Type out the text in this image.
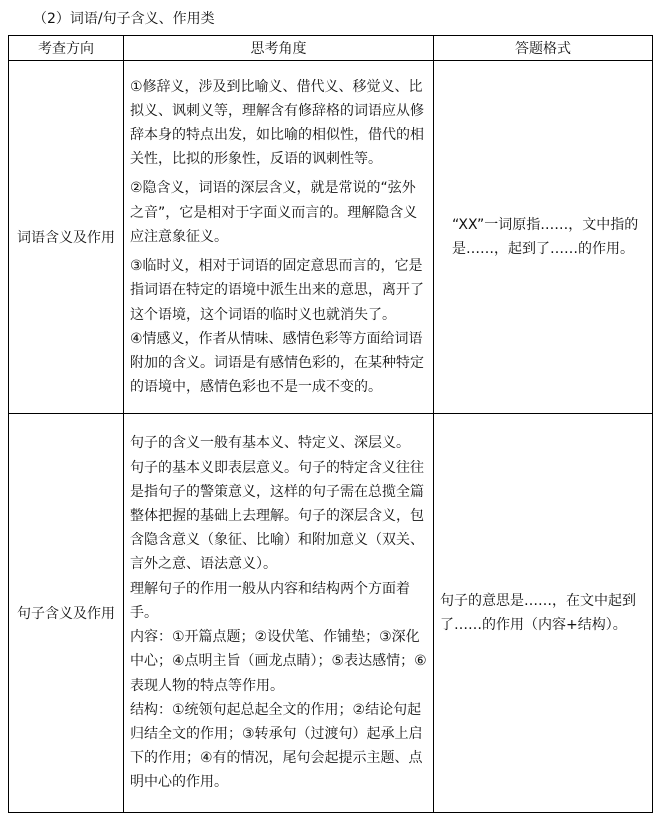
（2）词语/句子含义、作用类
考查方向	思考角度	答题格式
词语含义及作用	①修辞义，涉及到比喻义、借代义、移觉义、比拟义、讽刺义等，理解含有修辞格的词语应从修辞本身的特点出发，如比喻的相似性，借代的相关性，比拟的形象性，反语的讽刺性等。

②隐含义，词语的深层含义，就是常说的“弦外之音”，它是相对于字面义而言的。理解隐含义应注意象征义。

③临时义，相对于词语的固定意思而言的，它是指词语在特定的语境中派生出来的意思，离开了这个语境，这个词语的临时义也就消失了。

④情感义，作者从情味、感情色彩等方面给词语附加的含义。词语是有感情色彩的，在某种特定的语境中，感情色彩也不是一成不变的。	“XX”一词原指……，文中指的是……，起到了……的作用。
句子含义及作用	句子的含义一般有基本义、特定义、深层义。

句子的基本义即表层意义。句子的特定含义往往是指句子的警策意义，这样的句子需在总揽全篇整体把握的基础上去理解。句子的深层含义，包含隐含意义（象征、比喻）和附加意义（双关、言外之意、语法意义）。

理解句子的作用一般从内容和结构两个方面着手。

内容：①开篇点题；②设伏笔、作铺垫；③深化中心；④点明主旨（画龙点睛）；⑤表达感情；⑥表现人物的特点等作用。

结构：①统领句起总起全文的作用；②结论句起归结全文的作用；③转承句（过渡句）起承上启下的作用；④有的情况，尾句会起提示主题、点明中心的作用。	句子的意思是……，在文中起到了……的作用（内容+结构）。
